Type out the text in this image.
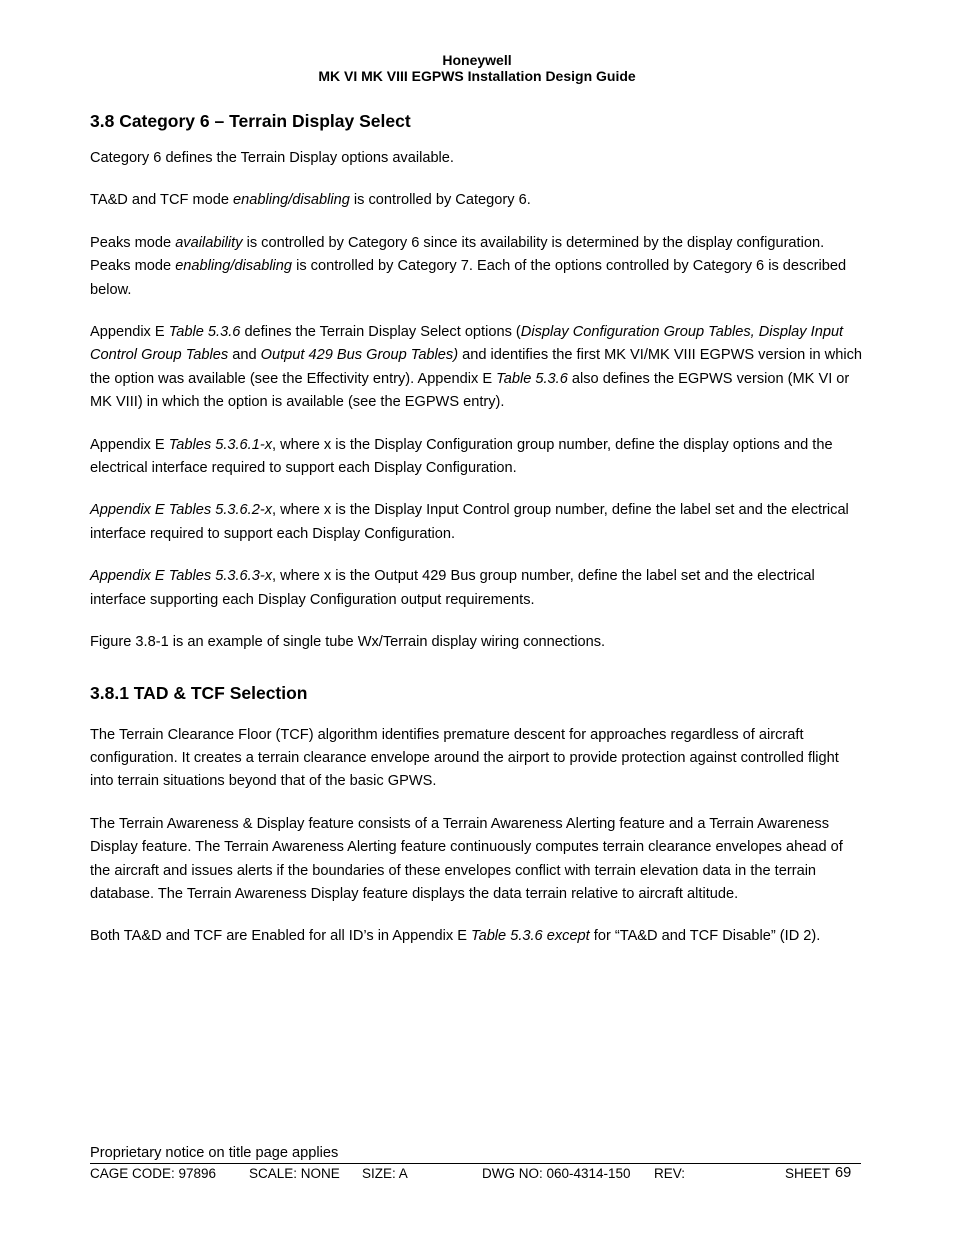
Honeywell
MK VI MK VIII EGPWS Installation Design Guide
3.8 Category 6 – Terrain Display Select

Category 6 defines the Terrain Display options available.

TA&D and TCF mode enabling/disabling is controlled by Category 6.

Peaks mode availability is controlled by Category 6 since its availability is determined by the display configuration. Peaks mode enabling/disabling is controlled by Category 7. Each of the options controlled by Category 6 is described below.

Appendix E Table 5.3.6 defines the Terrain Display Select options (Display Configuration Group Tables, Display Input Control Group Tables and Output 429 Bus Group Tables) and identifies the first MK VI/MK VIII EGPWS version in which the option was available (see the Effectivity entry). Appendix E Table 5.3.6 also defines the EGPWS version (MK VI or MK VIII) in which the option is available (see the EGPWS entry).

Appendix E Tables 5.3.6.1-x, where x is the Display Configuration group number, define the display options and the electrical interface required to support each Display Configuration.

Appendix E Tables 5.3.6.2-x, where x is the Display Input Control group number, define the label set and the electrical interface required to support each Display Configuration.

Appendix E Tables 5.3.6.3-x, where x is the Output 429 Bus group number, define the label set and the electrical interface supporting each Display Configuration output requirements.

Figure 3.8-1 is an example of single tube Wx/Terrain display wiring connections.

3.8.1 TAD & TCF Selection

The Terrain Clearance Floor (TCF) algorithm identifies premature descent for approaches regardless of aircraft configuration. It creates a terrain clearance envelope around the airport to provide protection against controlled flight into terrain situations beyond that of the basic GPWS.

The Terrain Awareness & Display feature consists of a Terrain Awareness Alerting feature and a Terrain Awareness Display feature. The Terrain Awareness Alerting feature continuously computes terrain clearance envelopes ahead of the aircraft and issues alerts if the boundaries of these envelopes conflict with terrain elevation data in the terrain database. The Terrain Awareness Display feature displays the data terrain relative to aircraft altitude.

Both TA&D and TCF are Enabled for all ID’s in Appendix E Table 5.3.6 except for “TA&D and TCF Disable” (ID 2).

Proprietary notice on title page applies
CAGE CODE: 97896 SCALE: NONE SIZE: A	DWG NO: 060-4314-150 REV:	SHEET 69
